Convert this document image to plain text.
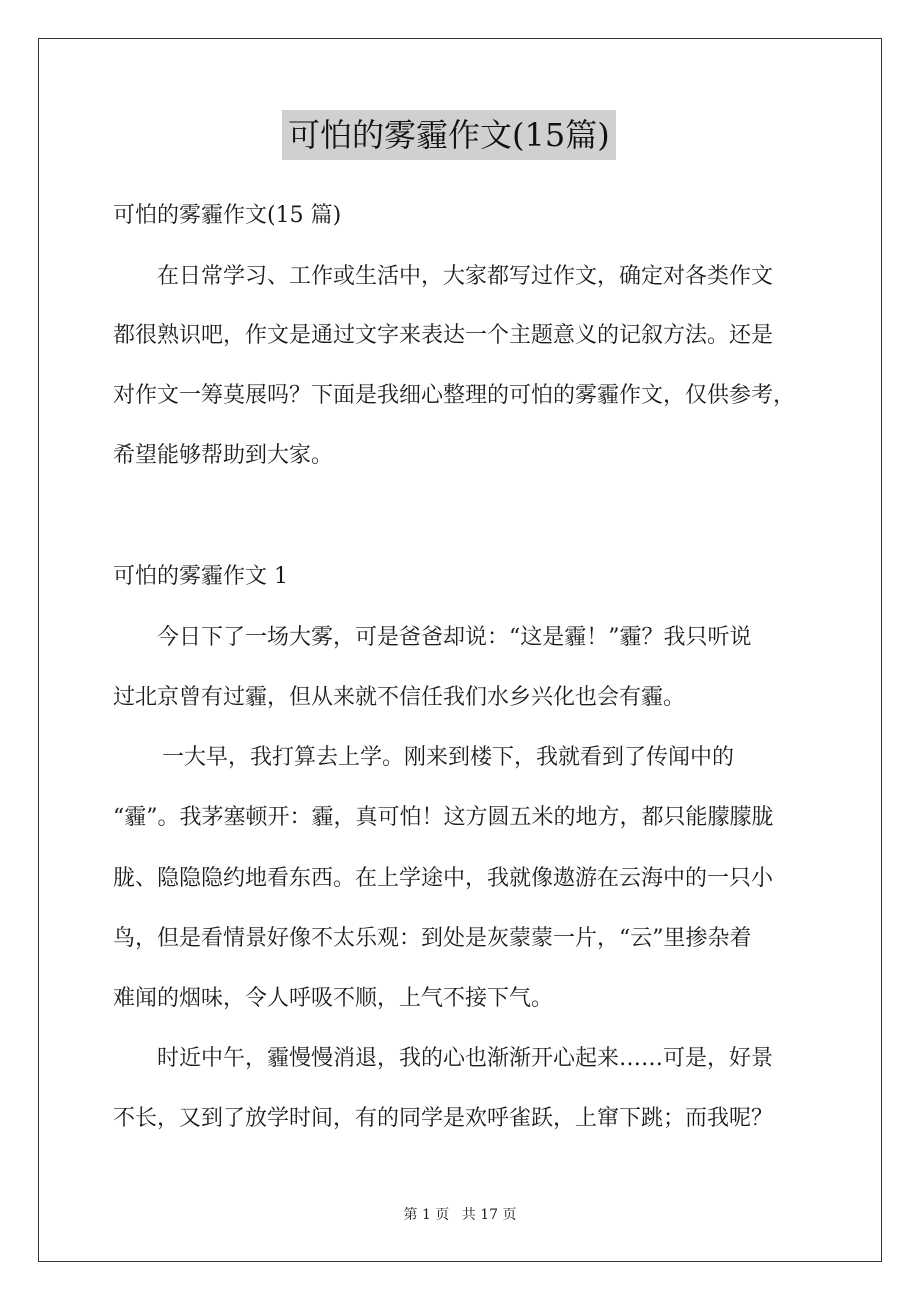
可怕的雾霾作文(15篇)
可怕的雾霾作文(15 篇)
在日常学习、工作或生活中，大家都写过作文，确定对各类作文
都很熟识吧，作文是通过文字来表达一个主题意义的记叙方法。还是
对作文一筹莫展吗？下面是我细心整理的可怕的雾霾作文，仅供参考，
希望能够帮助到大家。
可怕的雾霾作文 1
今日下了一场大雾，可是爸爸却说：“这是霾！”霾？我只听说
过北京曾有过霾，但从来就不信任我们水乡兴化也会有霾。
一大早，我打算去上学。刚来到楼下，我就看到了传闻中的
“霾”。我茅塞顿开：霾，真可怕！这方圆五米的地方，都只能朦朦胧
胧、隐隐隐约地看东西。在上学途中，我就像遨游在云海中的一只小
鸟，但是看情景好像不太乐观：到处是灰蒙蒙一片，“云”里掺杂着
难闻的烟味，令人呼吸不顺，上气不接下气。
时近中午，霾慢慢消退，我的心也渐渐开心起来……可是，好景
不长，又到了放学时间，有的同学是欢呼雀跃，上窜下跳；而我呢？
第 1 页 共 17 页
